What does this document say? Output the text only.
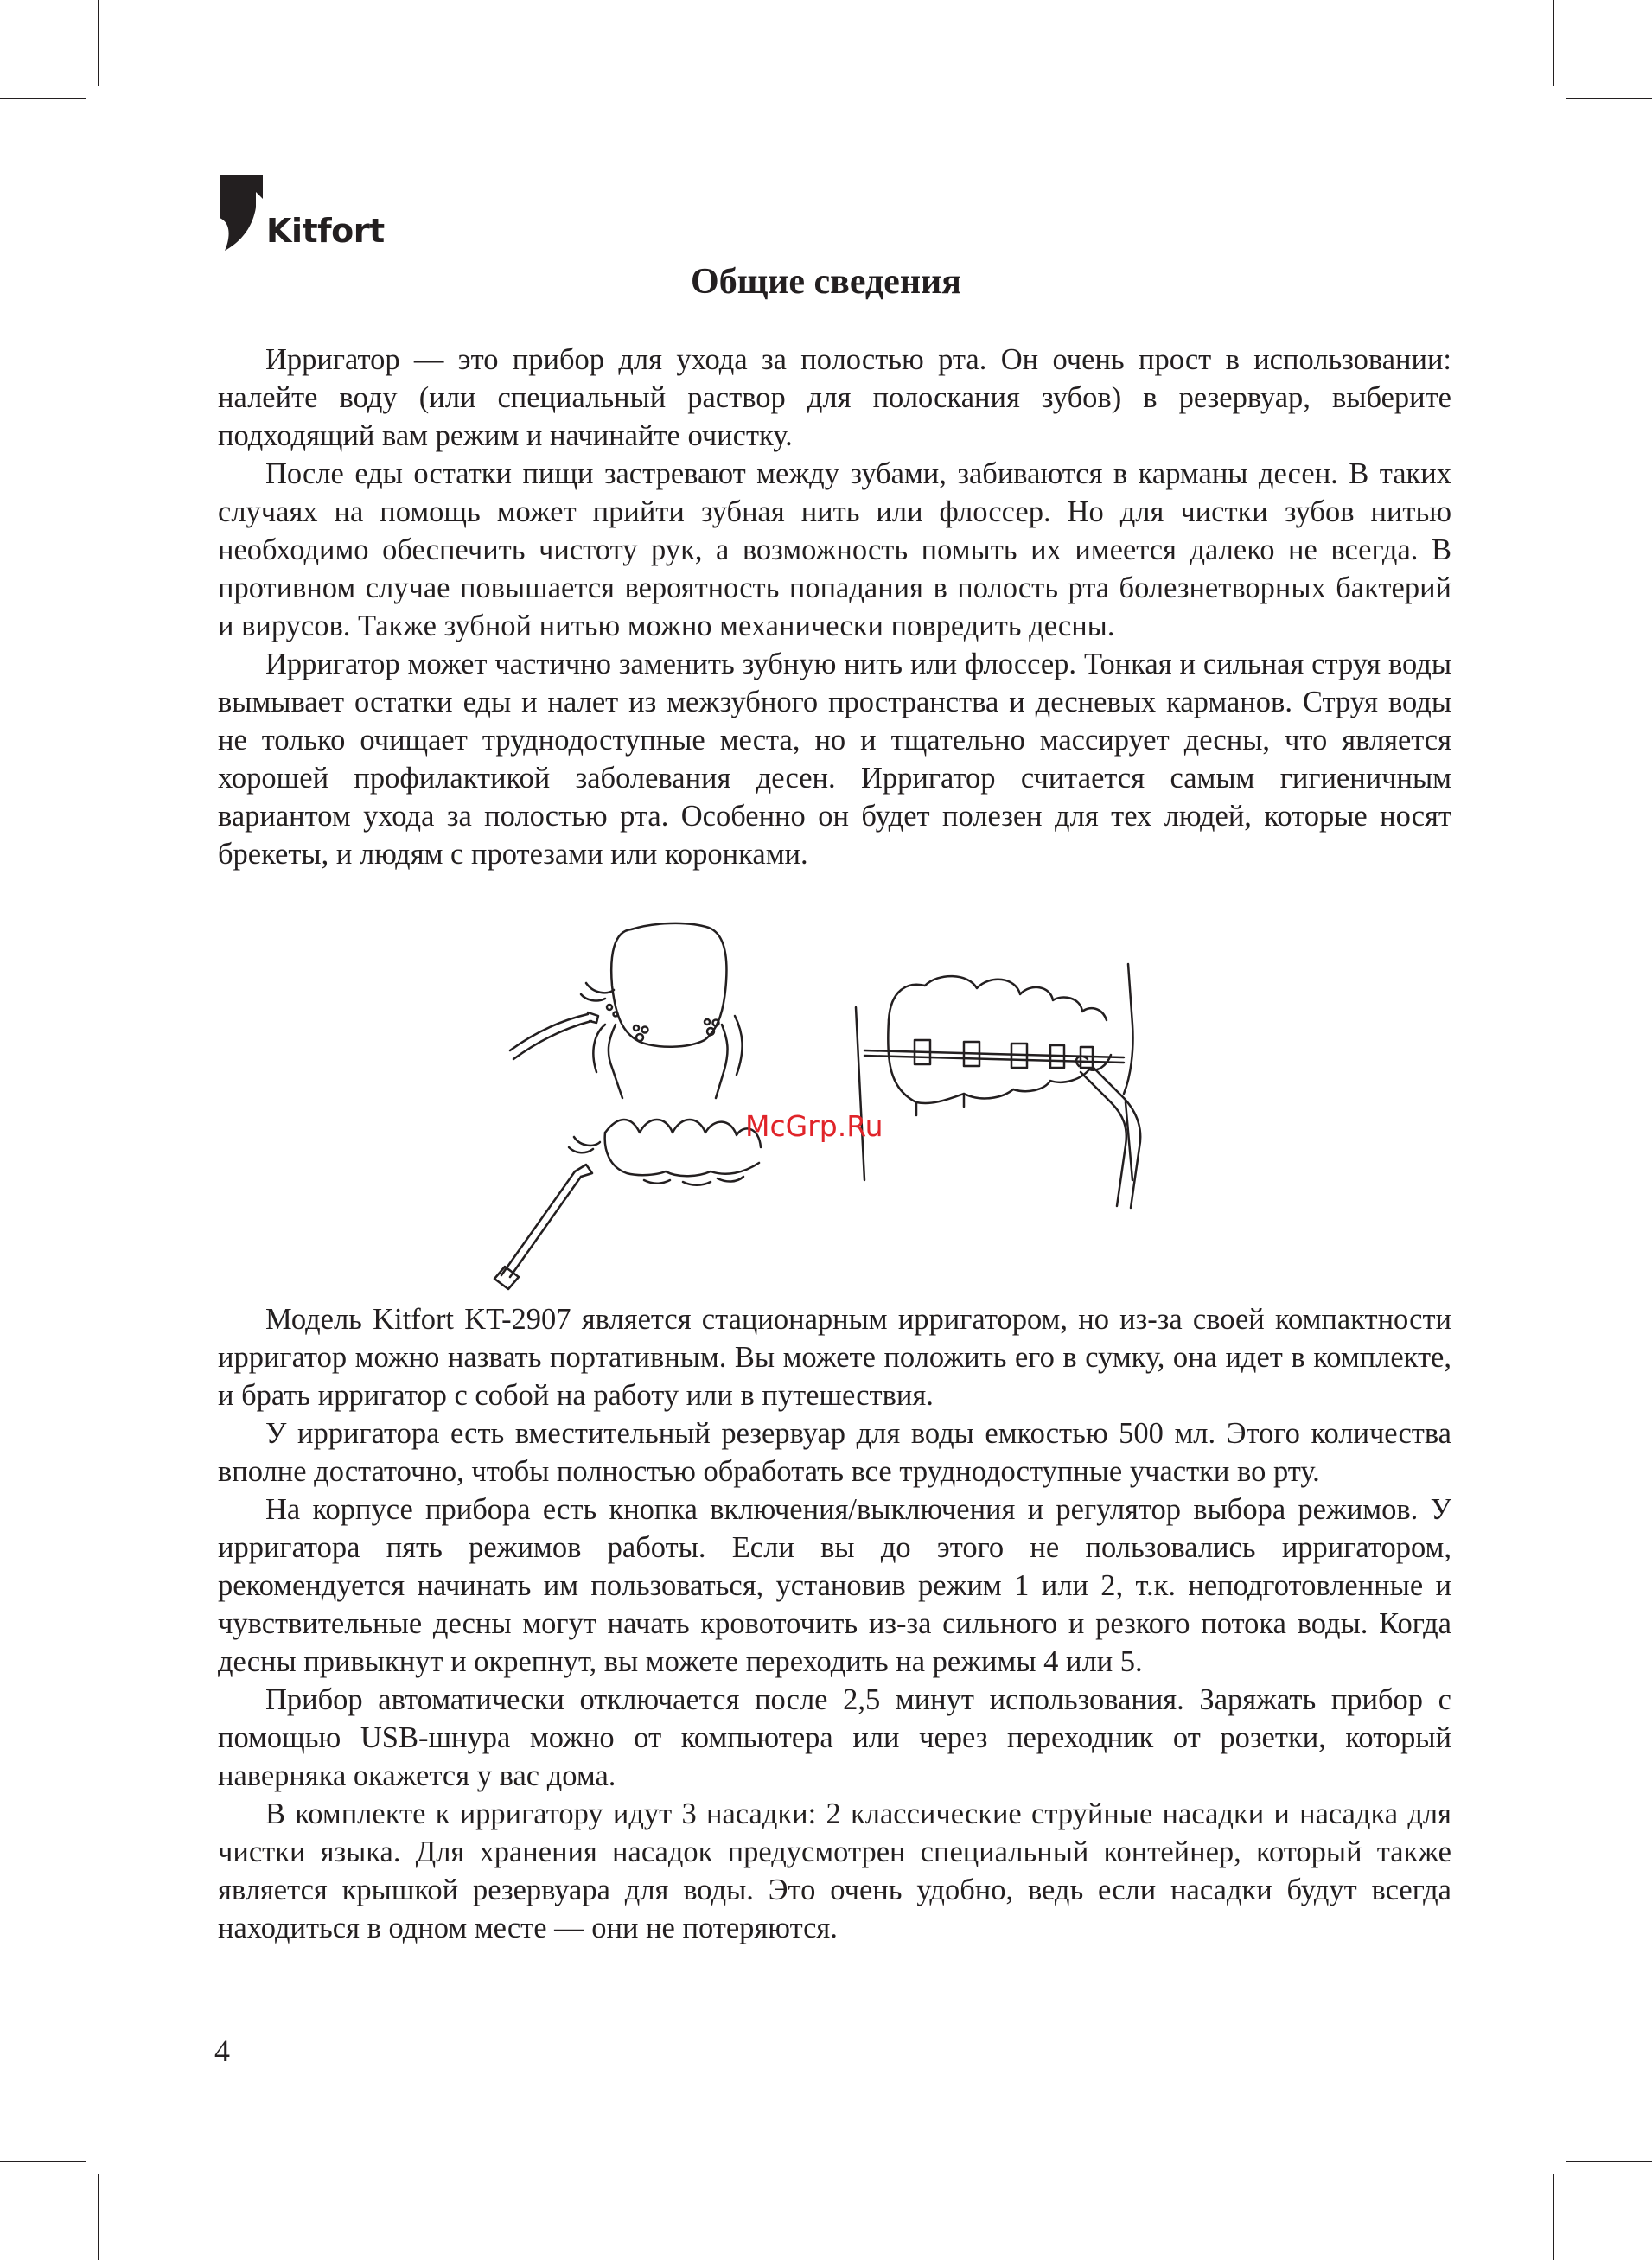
Kitfort
Общие сведения

Ирригатор — это прибор для ухода за полостью рта. Он очень прост в использовании: налейте воду (или специальный раствор для полоскания зубов) в резервуар, выберите подходящий вам режим и начинайте очистку.

После еды остатки пищи застревают между зубами, забиваются в карманы десен. В таких случаях на помощь может прийти зубная нить или флоссер. Но для чистки зубов нитью необходимо обеспечить чистоту рук, а возможность помыть их имеется далеко не всегда. В противном случае повышается вероятность попадания в полость рта болезнетворных бактерий и вирусов. Также зубной нитью можно механически повредить десны.

Ирригатор может частично заменить зубную нить или флоссер. Тонкая и сильная струя воды вымывает остатки еды и налет из межзубного пространства и десневых карманов. Струя воды не только очищает труднодоступные места, но и тщательно массирует десны, что является хорошей профилактикой заболевания десен. Ирригатор считается самым гигиеничным вариантом ухода за полостью рта. Особенно он будет полезен для тех людей, которые носят брекеты, и людям с протезами или коронками.

McGrp.Ru

Модель Kitfort KT-2907 является стационарным ирригатором, но из-за своей компактности ирригатор можно назвать портативным. Вы можете положить его в сумку, она идет в комплекте, и брать ирригатор с собой на работу или в путешествия.

У ирригатора есть вместительный резервуар для воды емкостью 500 мл. Этого количества вполне достаточно, чтобы полностью обработать все труднодоступные участки во рту.

На корпусе прибора есть кнопка включения/выключения и регулятор выбора режимов. У ирригатора пять режимов работы. Если вы до этого не пользовались ирригатором, рекомендуется начинать им пользоваться, установив режим 1 или 2, т.к. неподготовленные и чувствительные десны могут начать кровоточить из-за сильного и резкого потока воды. Когда десны привыкнут и окрепнут, вы можете переходить на режимы 4 или 5.

Прибор автоматически отключается после 2,5 минут использования. Заряжать прибор с помощью USB-шнура можно от компьютера или через переходник от розетки, который наверняка окажется у вас дома.

В комплекте к ирригатору идут 3 насадки: 2 классические струйные насадки и насадка для чистки языка. Для хранения насадок предусмотрен специальный контейнер, который также является крышкой резервуара для воды. Это очень удобно, ведь если насадки будут всегда находиться в одном месте — они не потеряются.

4
